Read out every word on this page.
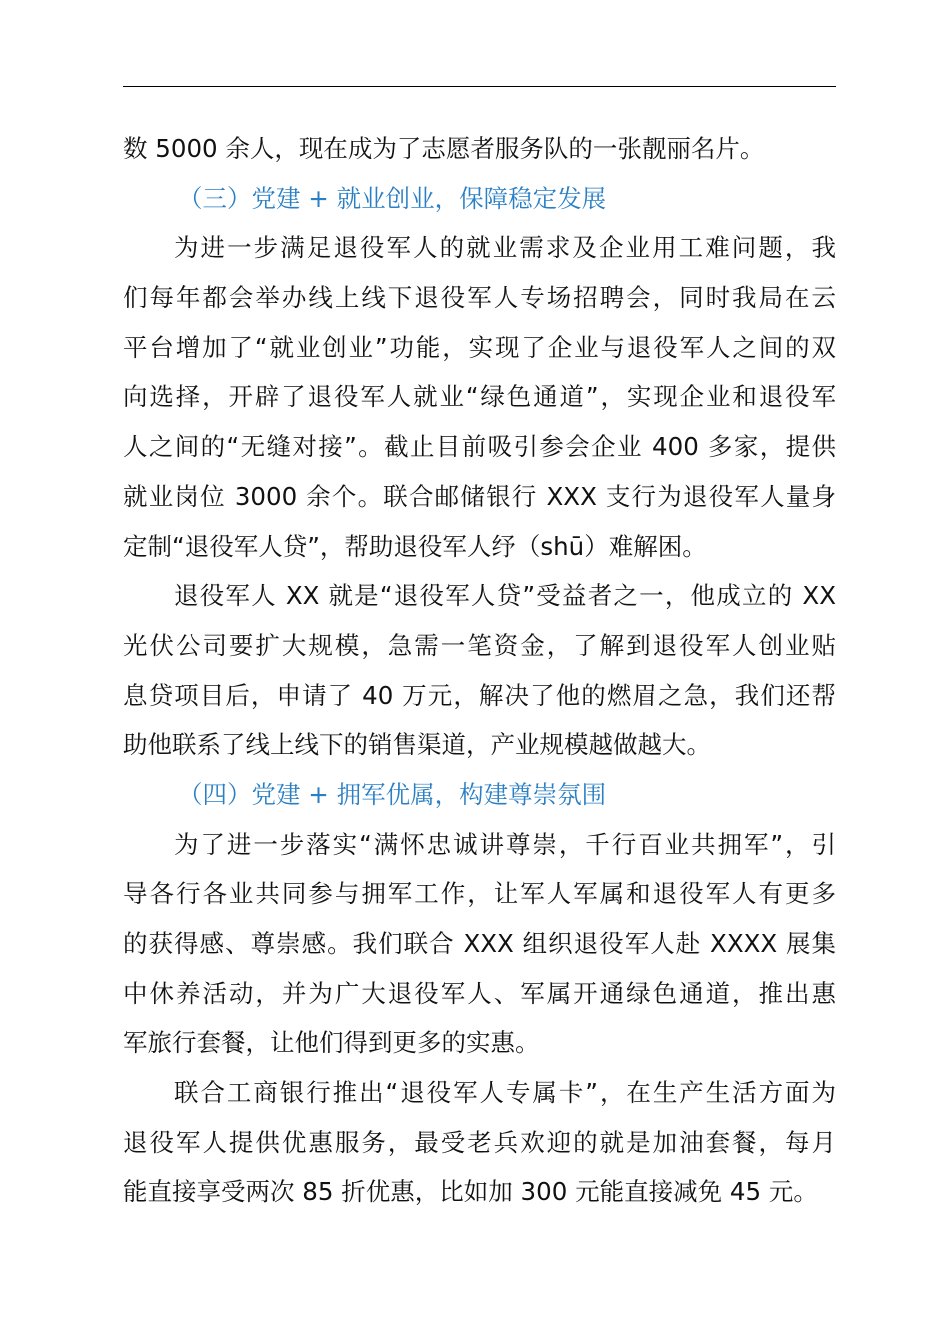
数 5000 余人，现在成为了志愿者服务队的一张靓丽名片。
（三）党建 + 就业创业，保障稳定发展
为进一步满足退役军人的就业需求及企业用工难问题，我
们每年都会举办线上线下退役军人专场招聘会，同时我局在云
平台增加了“就业创业”功能，实现了企业与退役军人之间的双
向选择，开辟了退役军人就业“绿色通道”，实现企业和退役军
人之间的“无缝对接”。截止目前吸引参会企业 400 多家，提供
就业岗位 3000 余个。联合邮储银行 XXX 支行为退役军人量身
定制“退役军人贷”，帮助退役军人纾（shū）难解困。
退役军人 XX 就是“退役军人贷”受益者之一，他成立的 XX
光伏公司要扩大规模，急需一笔资金，了解到退役军人创业贴
息贷项目后，申请了 40 万元，解决了他的燃眉之急，我们还帮
助他联系了线上线下的销售渠道，产业规模越做越大。
（四）党建 + 拥军优属，构建尊崇氛围
为了进一步落实“满怀忠诚讲尊崇，千行百业共拥军”，引
导各行各业共同参与拥军工作，让军人军属和退役军人有更多
的获得感、尊崇感。我们联合 XXX 组织退役军人赴 XXXX 展集
中休养活动，并为广大退役军人、军属开通绿色通道，推出惠
军旅行套餐，让他们得到更多的实惠。
联合工商银行推出“退役军人专属卡”，在生产生活方面为
退役军人提供优惠服务，最受老兵欢迎的就是加油套餐，每月
能直接享受两次 85 折优惠，比如加 300 元能直接减免 45 元。
